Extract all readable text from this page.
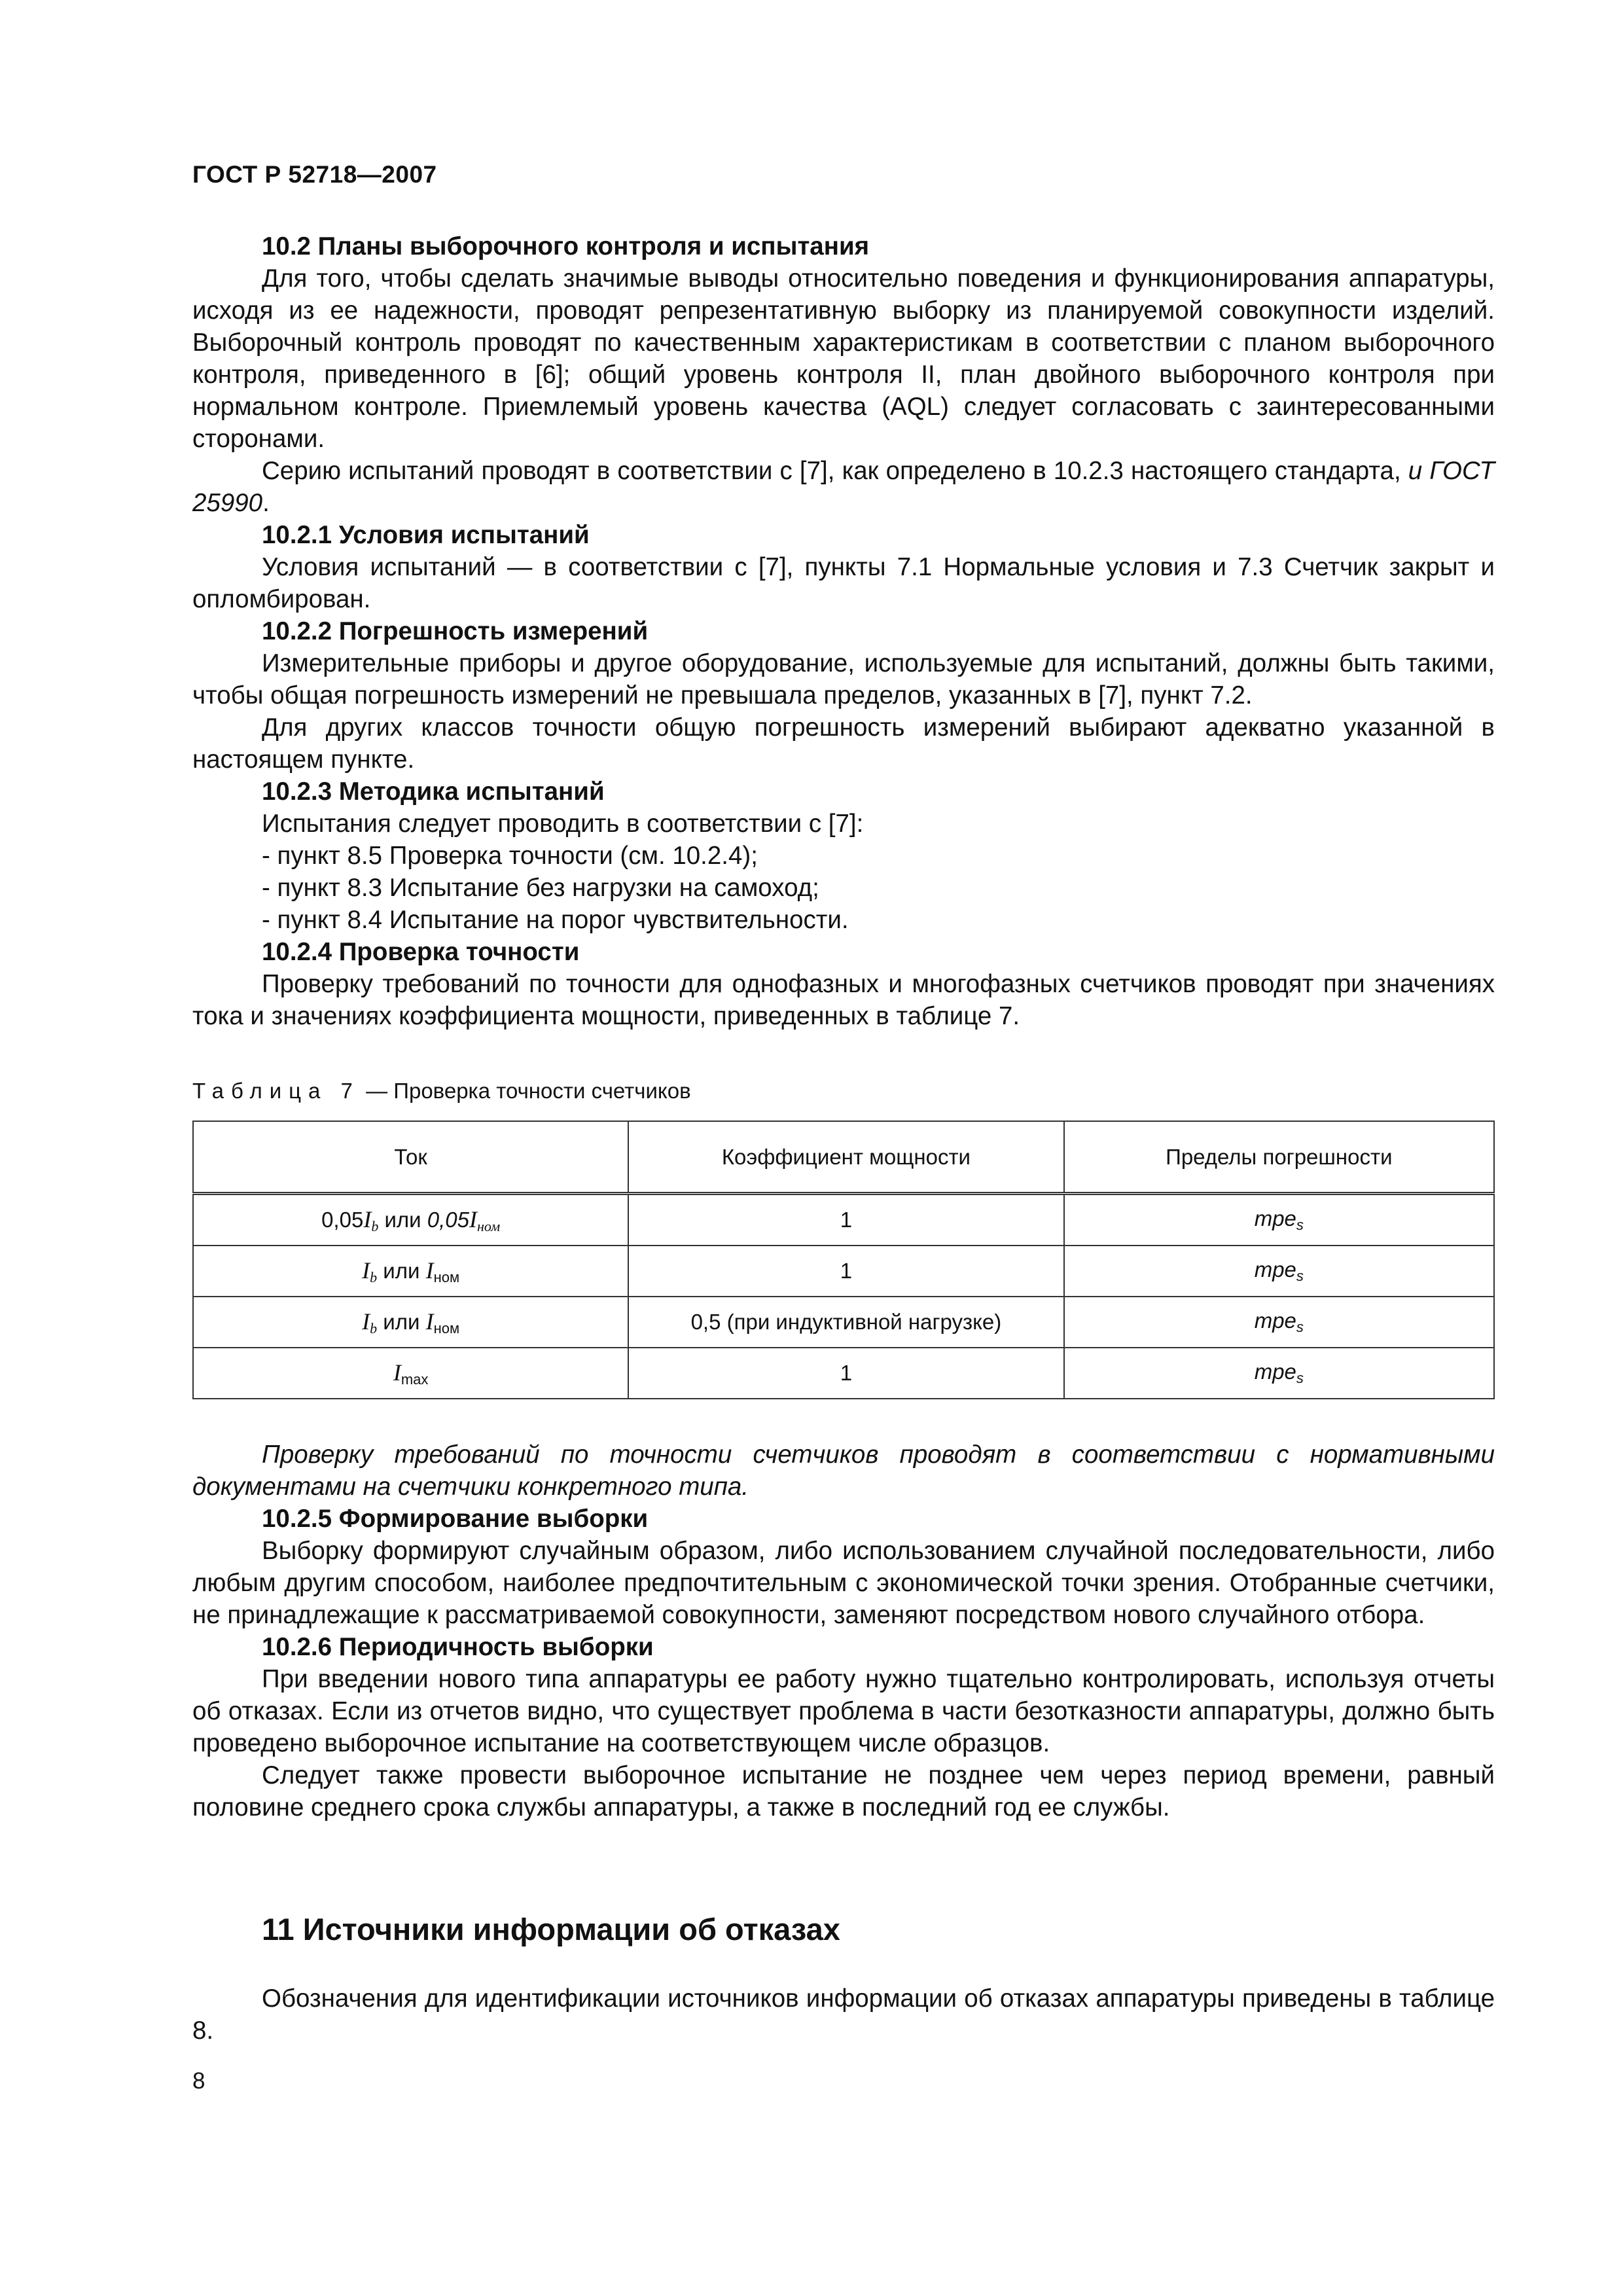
ГОСТ Р 52718—2007

10.2 Планы выборочного контроля и испытания

Для того, чтобы сделать значимые выводы относительно поведения и функционирования аппаратуры, исходя из ее надежности, проводят репрезентативную выборку из планируемой совокупности изделий. Выборочный контроль проводят по качественным характеристикам в соответствии с планом выборочного контроля, приведенного в [6]; общий уровень контроля II, план двойного выборочного контроля при нормальном контроле. Приемлемый уровень качества (AQL) следует согласовать с заинтересованными сторонами.

Серию испытаний проводят в соответствии с [7], как определено в 10.2.3 настоящего стандарта, и ГОСТ 25990.

10.2.1 Условия испытаний

Условия испытаний — в соответствии с [7], пункты 7.1 Нормальные условия и 7.3 Счетчик закрыт и опломбирован.

10.2.2 Погрешность измерений

Измерительные приборы и другое оборудование, используемые для испытаний, должны быть такими, чтобы общая погрешность измерений не превышала пределов, указанных в [7], пункт 7.2.

Для других классов точности общую погрешность измерений выбирают адекватно указанной в настоящем пункте.

10.2.3 Методика испытаний

Испытания следует проводить в соответствии с [7]:

- пункт 8.5 Проверка точности (см. 10.2.4);

- пункт 8.3 Испытание без нагрузки на самоход;

- пункт 8.4 Испытание на порог чувствительности.

10.2.4 Проверка точности

Проверку требований по точности для однофазных и многофазных счетчиков проводят при значениях тока и значениях коэффициента мощности, приведенных в таблице 7.

Таблица 7 — Проверка точности счетчиков
Ток	Коэффициент мощности	Пределы погрешности
$0,05I_b$ или $0,05I_{ном}$	1	mpe$_s$
$I_b$ или $I_{ном}$	1	mpe$_s$
$I_b$ или $I_{ном}$	0,5 (при индуктивной нагрузке)	mpe$_s$
$I_{max}$	1	mpe$_s$

Проверку требований по точности счетчиков проводят в соответствии с нормативными документами на счетчики конкретного типа.

10.2.5 Формирование выборки

Выборку формируют случайным образом, либо использованием случайной последовательности, либо любым другим способом, наиболее предпочтительным с экономической точки зрения. Отобранные счетчики, не принадлежащие к рассматриваемой совокупности, заменяют посредством нового случайного отбора.

10.2.6 Периодичность выборки

При введении нового типа аппаратуры ее работу нужно тщательно контролировать, используя отчеты об отказах. Если из отчетов видно, что существует проблема в части безотказности аппаратуры, должно быть проведено выборочное испытание на соответствующем числе образцов.

Следует также провести выборочное испытание не позднее чем через период времени, равный половине среднего срока службы аппаратуры, а также в последний год ее службы.

11 Источники информации об отказах

Обозначения для идентификации источников информации об отказах аппаратуры приведены в таблице 8.

8
